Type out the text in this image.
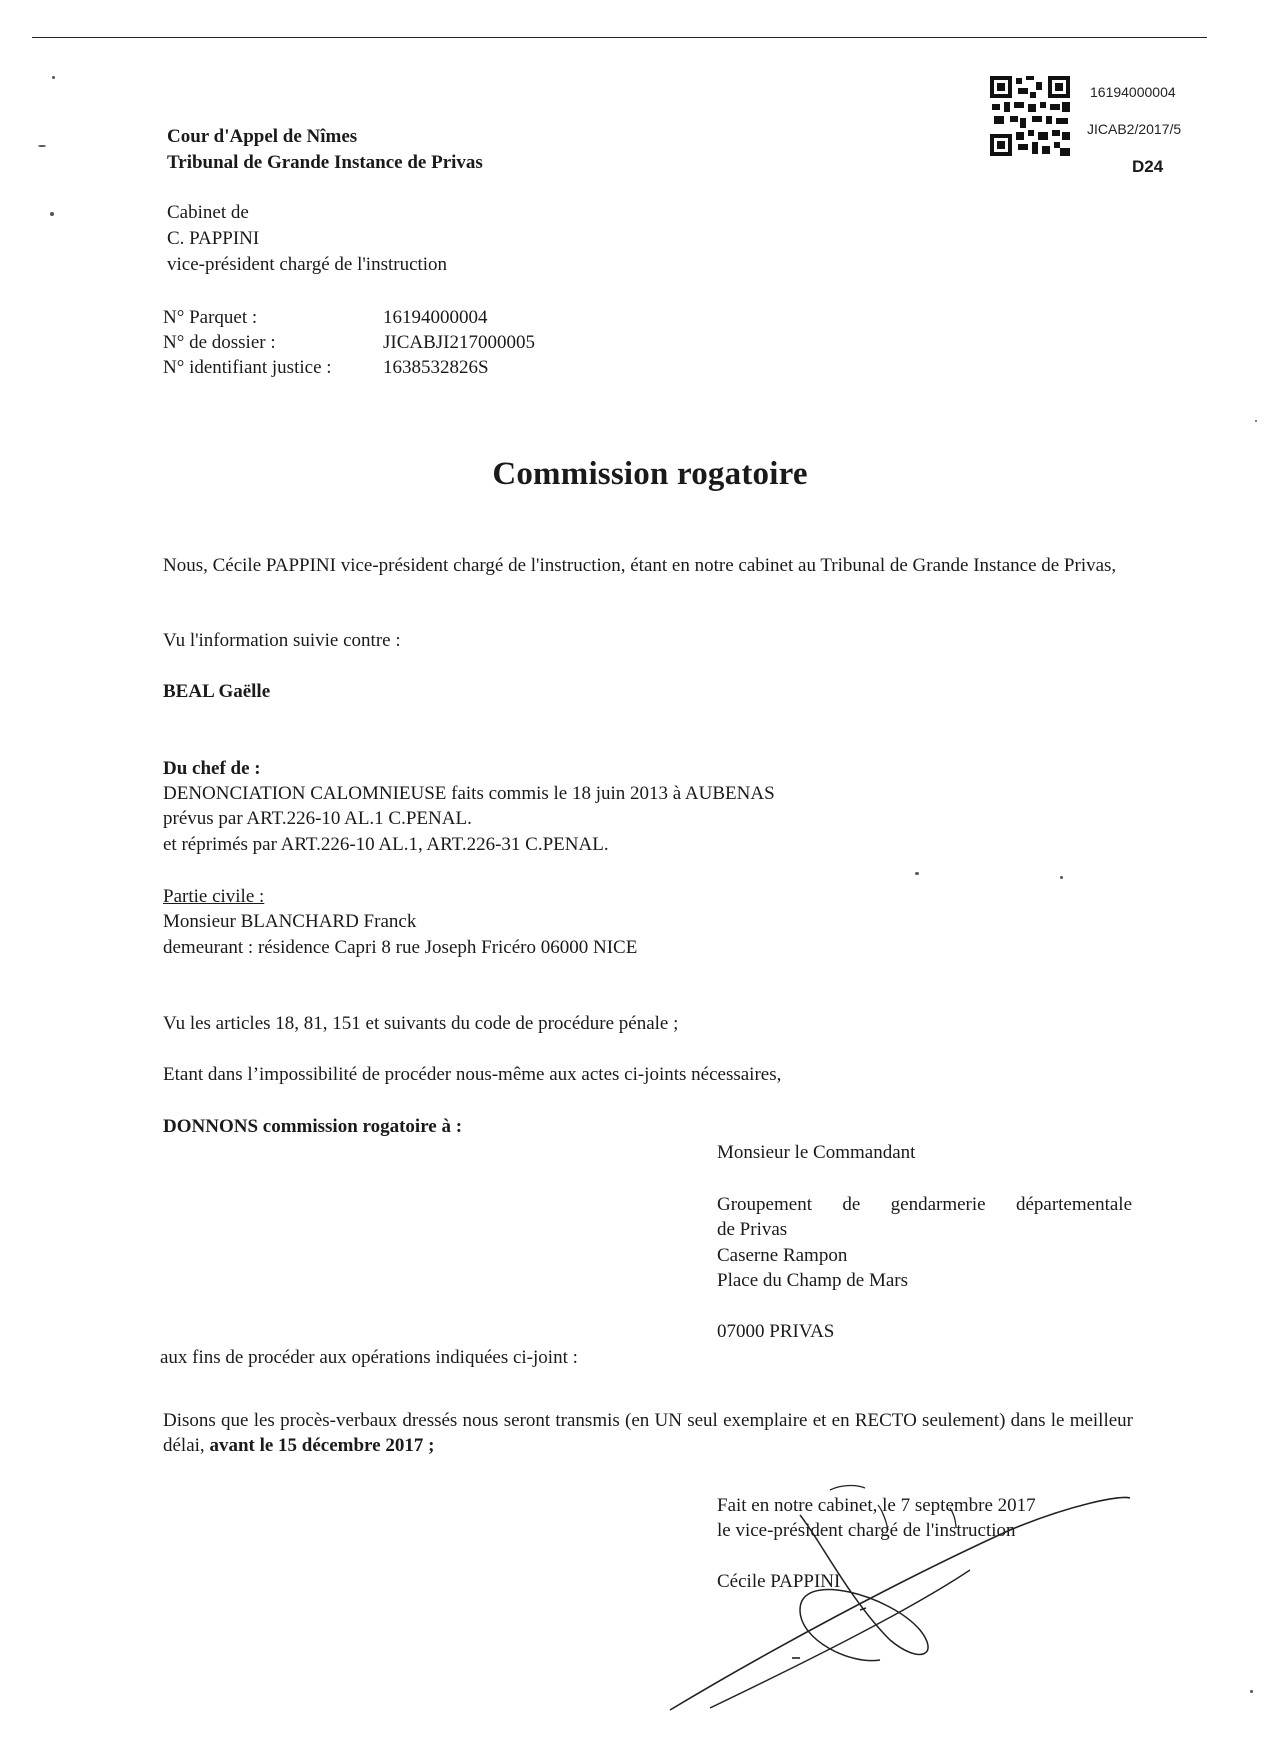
16194000004
JICAB2/2017/5
D24
Cour d'Appel de Nîmes
Tribunal de Grande Instance de Privas
Cabinet de
C. PAPPINI
vice-président chargé de l'instruction
N° Parquet :	16194000004
N° de dossier :	JICABJI217000005
N° identifiant justice :	1638532826S
Commission rogatoire
Nous, Cécile PAPPINI vice-président chargé de l'instruction, étant en notre cabinet au Tribunal de Grande Instance de Privas,
Vu l'information suivie contre :
BEAL Gaëlle
Du chef de :
DENONCIATION CALOMNIEUSE faits commis le 18 juin 2013 à AUBENAS
prévus par ART.226-10 AL.1 C.PENAL.
et réprimés par ART.226-10 AL.1, ART.226-31 C.PENAL.
Partie civile :
Monsieur BLANCHARD Franck
demeurant : résidence Capri 8 rue Joseph Fricéro 06000 NICE
Vu les articles 18, 81, 151 et suivants du code de procédure pénale ;
Etant dans l’impossibilité de procéder nous-même aux actes ci-joints nécessaires,
DONNONS commission rogatoire à :
Monsieur le Commandant
Groupement de gendarmerie départementale
de Privas
Caserne Rampon
Place du Champ de Mars
07000 PRIVAS
aux fins de procéder aux opérations indiquées ci-joint :
Disons que les procès-verbaux dressés nous seront transmis (en UN seul exemplaire et en RECTO seulement) dans le meilleur délai, avant le 15 décembre 2017 ;
Fait en notre cabinet, le 7 septembre 2017
le vice-président chargé de l'instruction
Cécile PAPPINI
